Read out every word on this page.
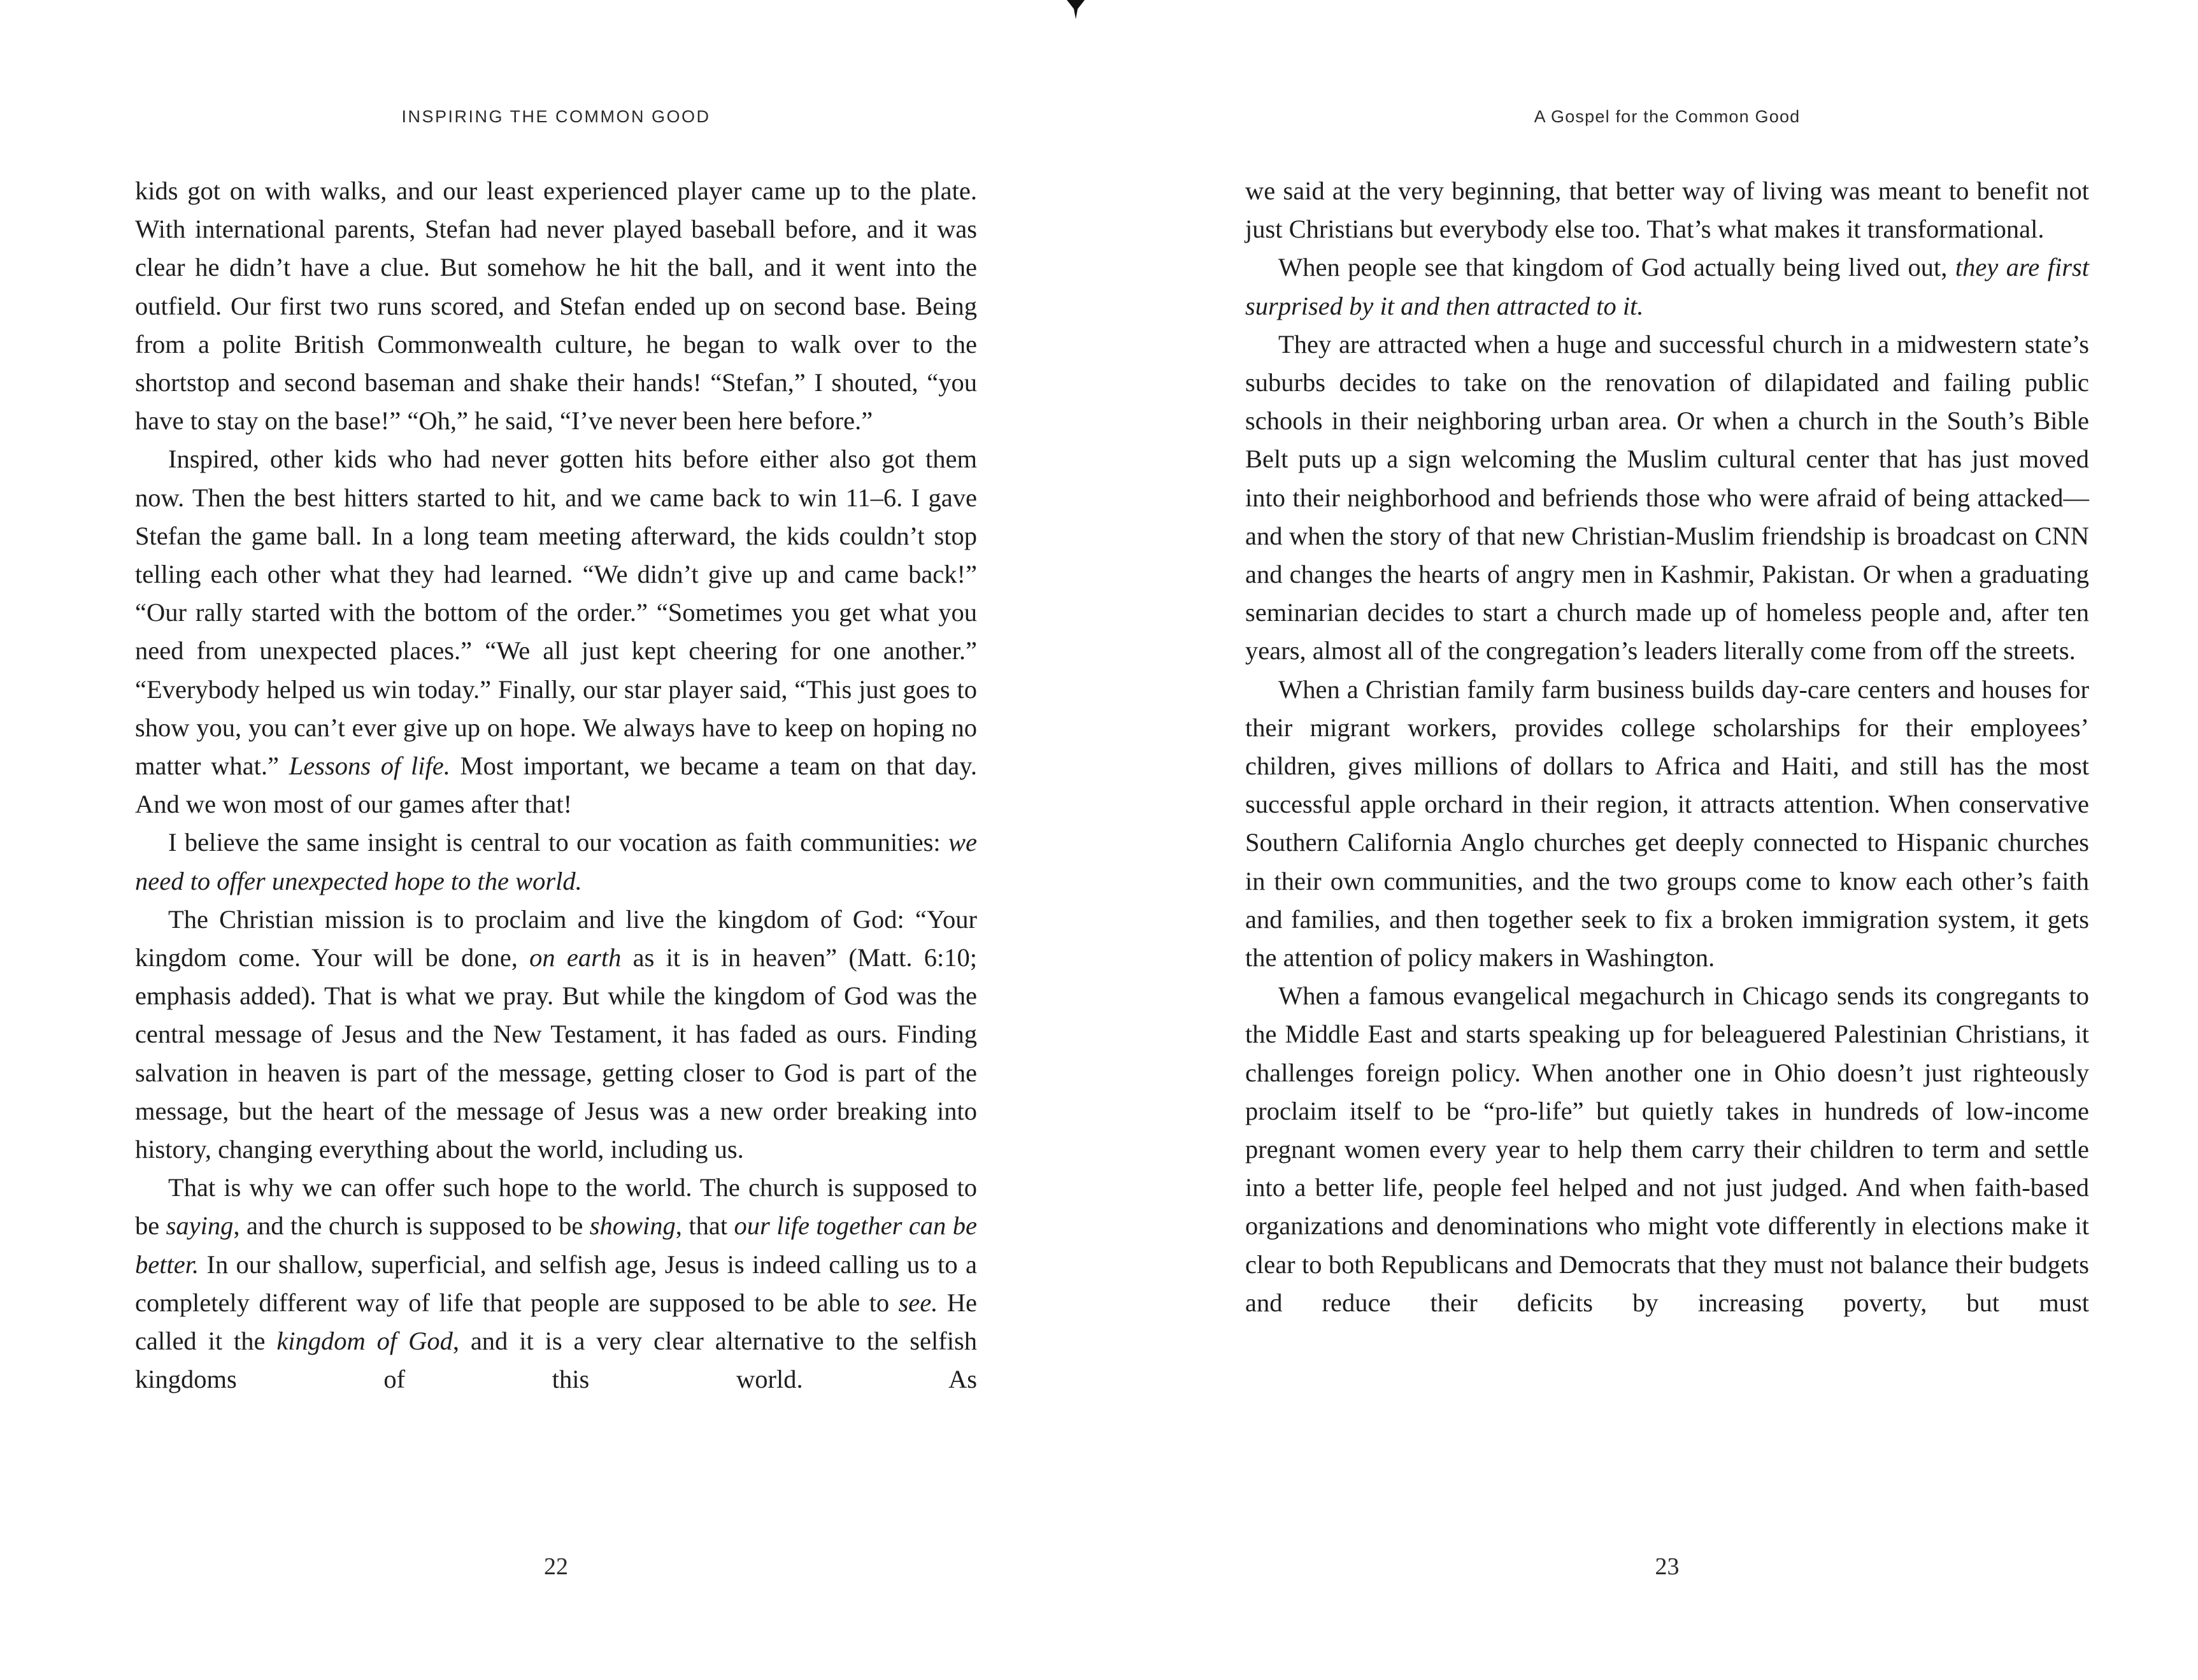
INSPIRING THE COMMON GOOD

kids got on with walks, and our least experienced player came up to the plate. With international parents, Stefan had never played baseball before, and it was clear he didn’t have a clue. But somehow he hit the ball, and it went into the outfield. Our first two runs scored, and Stefan ended up on second base. Being from a polite British Commonwealth culture, he began to walk over to the shortstop and second baseman and shake their hands! “Stefan,” I shouted, “you have to stay on the base!” “Oh,” he said, “I’ve never been here before.”

Inspired, other kids who had never gotten hits before either also got them now. Then the best hitters started to hit, and we came back to win 11–6. I gave Stefan the game ball. In a long team meeting afterward, the kids couldn’t stop telling each other what they had learned. “We didn’t give up and came back!” “Our rally started with the bottom of the order.” “Sometimes you get what you need from unexpected places.” “We all just kept cheering for one another.” “Everybody helped us win today.” Finally, our star player said, “This just goes to show you, you can’t ever give up on hope. We always have to keep on hoping no matter what.” Lessons of life. Most important, we became a team on that day. And we won most of our games after that!

I believe the same insight is central to our vocation as faith communities: we need to offer unexpected hope to the world.

The Christian mission is to proclaim and live the kingdom of God: “Your kingdom come. Your will be done, on earth as it is in heaven” (Matt. 6:10; emphasis added). That is what we pray. But while the kingdom of God was the central message of Jesus and the New Testament, it has faded as ours. Finding salvation in heaven is part of the message, getting closer to God is part of the message, but the heart of the message of Jesus was a new order breaking into history, changing everything about the world, including us.

That is why we can offer such hope to the world. The church is supposed to be saying, and the church is supposed to be showing, that our life together can be better. In our shallow, superficial, and selfish age, Jesus is indeed calling us to a completely different way of life that people are supposed to be able to see. He called it the kingdom of God, and it is a very clear alternative to the selfish kingdoms of this world. As

22
A Gospel for the Common Good

we said at the very beginning, that better way of living was meant to benefit not just Christians but everybody else too. That’s what makes it transformational.

When people see that kingdom of God actually being lived out, they are first surprised by it and then attracted to it.

They are attracted when a huge and successful church in a midwestern state’s suburbs decides to take on the renovation of dilapidated and failing public schools in their neighboring urban area. Or when a church in the South’s Bible Belt puts up a sign welcoming the Muslim cultural center that has just moved into their neighborhood and befriends those who were afraid of being attacked—and when the story of that new Christian-Muslim friendship is broadcast on CNN and changes the hearts of angry men in Kashmir, Pakistan. Or when a graduating seminarian decides to start a church made up of homeless people and, after ten years, almost all of the congregation’s leaders literally come from off the streets.

When a Christian family farm business builds day-care centers and houses for their migrant workers, provides college scholarships for their employees’ children, gives millions of dollars to Africa and Haiti, and still has the most successful apple orchard in their region, it attracts attention. When conservative Southern California Anglo churches get deeply connected to Hispanic churches in their own communities, and the two groups come to know each other’s faith and families, and then together seek to fix a broken immigration system, it gets the attention of policy makers in Washington.

When a famous evangelical megachurch in Chicago sends its congregants to the Middle East and starts speaking up for beleaguered Palestinian Christians, it challenges foreign policy. When another one in Ohio doesn’t just righteously proclaim itself to be “pro-life” but quietly takes in hundreds of low-income pregnant women every year to help them carry their children to term and settle into a better life, people feel helped and not just judged. And when faith-based organizations and denominations who might vote differently in elections make it clear to both Republicans and Democrats that they must not balance their budgets and reduce their deficits by increasing poverty, but must

23
